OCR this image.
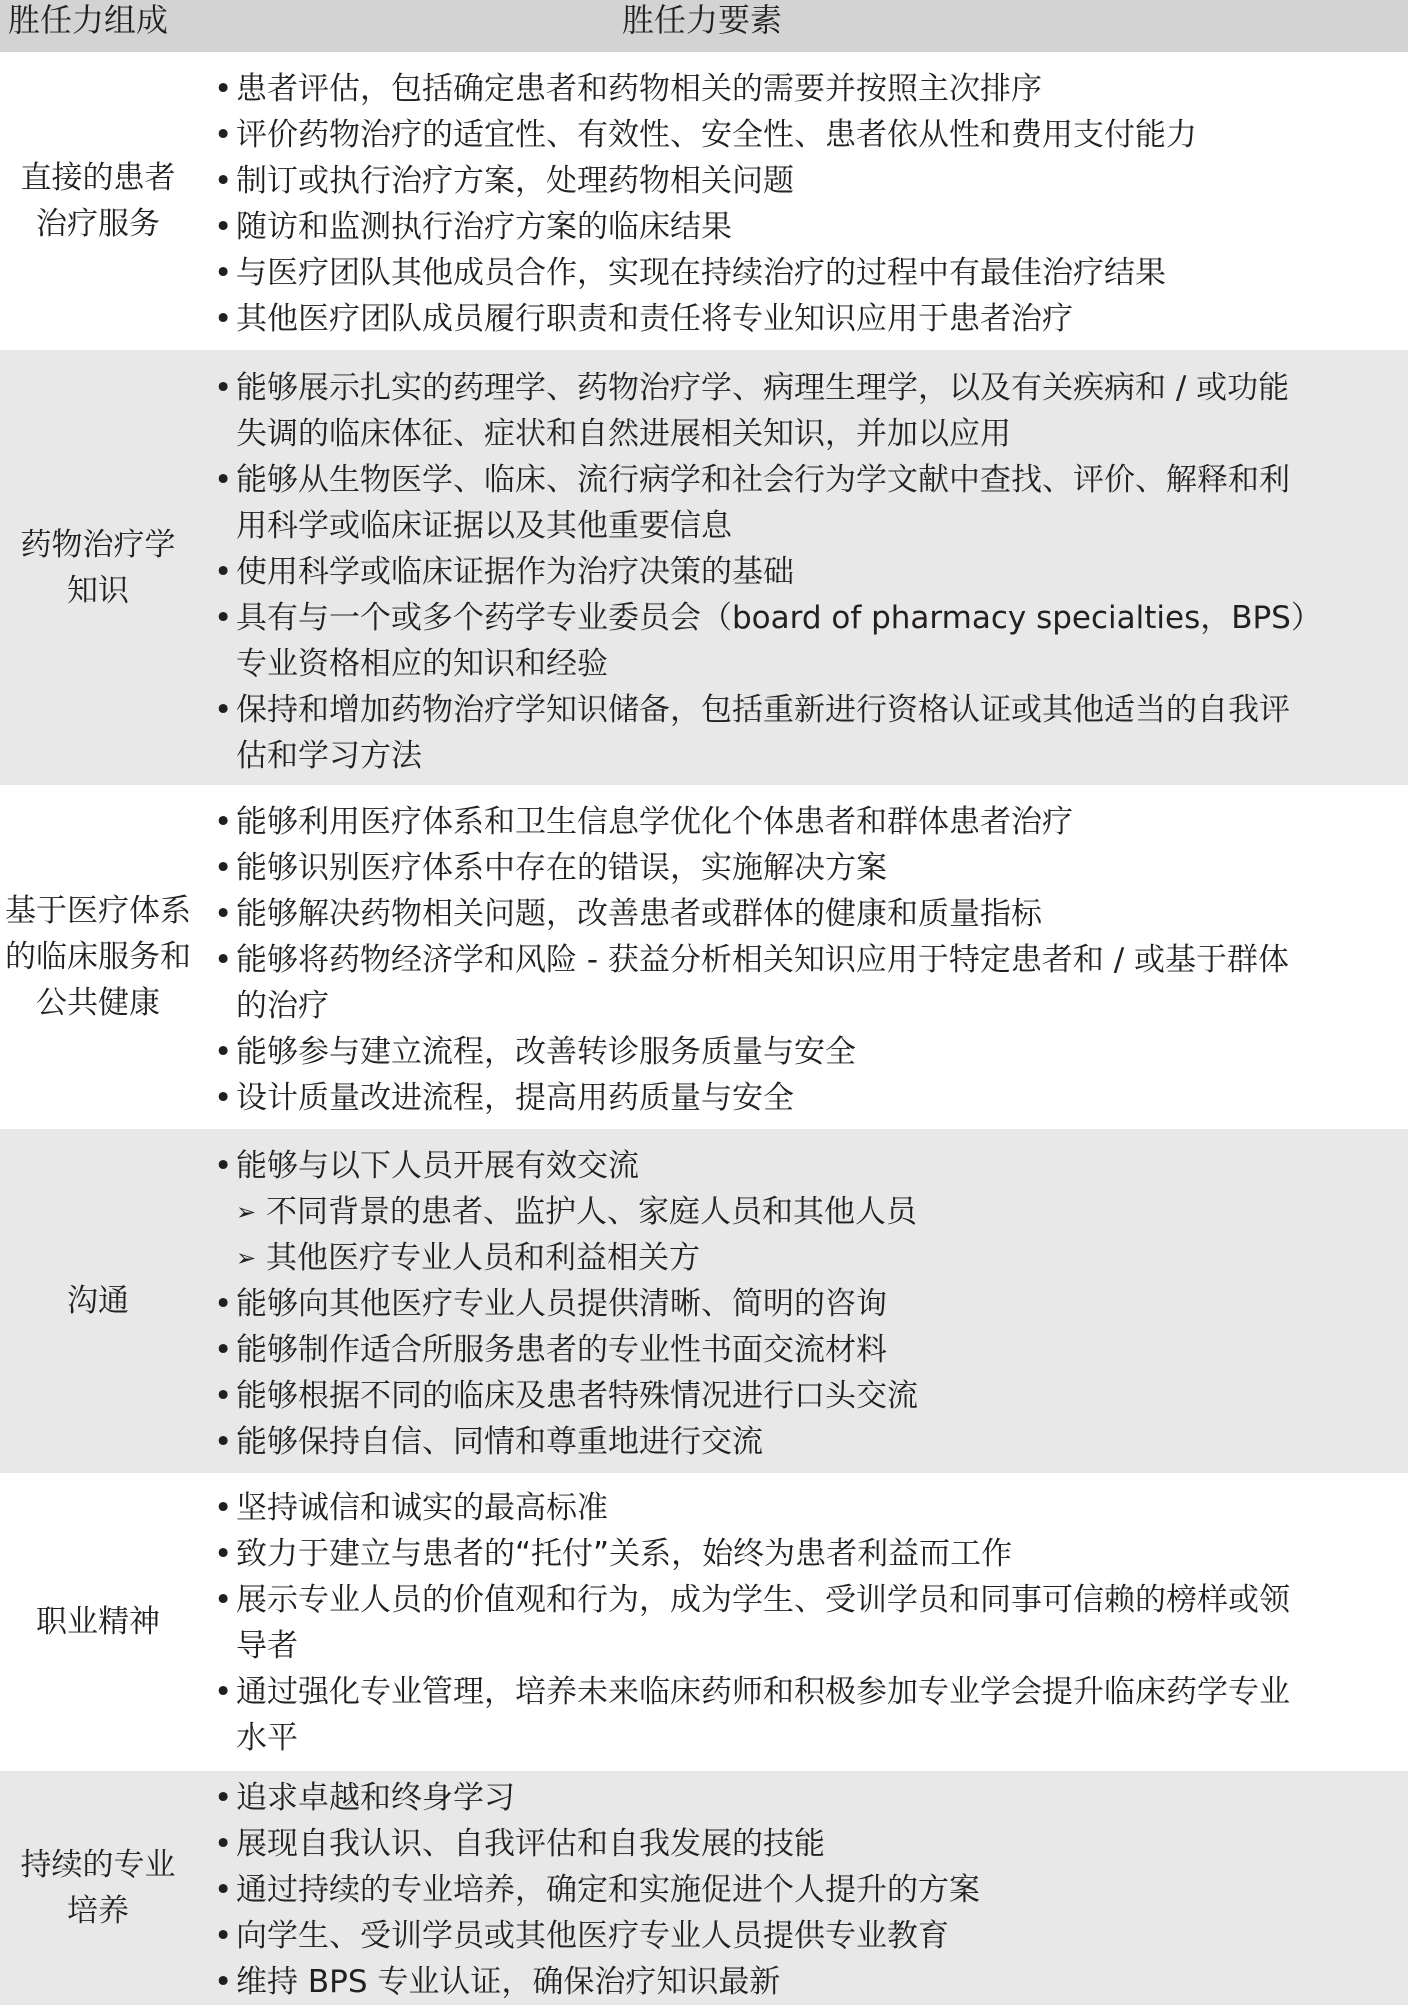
胜任力组成	胜任力要素
直接的患者
治疗服务
• 患者评估，包括确定患者和药物相关的需要并按照主次排序
• 评价药物治疗的适宜性、有效性、安全性、患者依从性和费用支付能力
• 制订或执行治疗方案，处理药物相关问题
• 随访和监测执行治疗方案的临床结果
• 与医疗团队其他成员合作，实现在持续治疗的过程中有最佳治疗结果
• 其他医疗团队成员履行职责和责任将专业知识应用于患者治疗
药物治疗学
知识
• 能够展示扎实的药理学、药物治疗学、病理生理学，以及有关疾病和 / 或功能
失调的临床体征、症状和自然进展相关知识，并加以应用
• 能够从生物医学、临床、流行病学和社会行为学文献中查找、评价、解释和利
用科学或临床证据以及其他重要信息
• 使用科学或临床证据作为治疗决策的基础
• 具有与一个或多个药学专业委员会（board of pharmacy specialties，BPS）
专业资格相应的知识和经验
• 保持和增加药物治疗学知识储备，包括重新进行资格认证或其他适当的自我评
估和学习方法
基于医疗体系
的临床服务和
公共健康
• 能够利用医疗体系和卫生信息学优化个体患者和群体患者治疗
• 能够识别医疗体系中存在的错误，实施解决方案
• 能够解决药物相关问题，改善患者或群体的健康和质量指标
• 能够将药物经济学和风险 - 获益分析相关知识应用于特定患者和 / 或基于群体
的治疗
• 能够参与建立流程，改善转诊服务质量与安全
• 设计质量改进流程，提高用药质量与安全
沟通
• 能够与以下人员开展有效交流
➢ 不同背景的患者、监护人、家庭人员和其他人员
➢ 其他医疗专业人员和利益相关方
• 能够向其他医疗专业人员提供清晰、简明的咨询
• 能够制作适合所服务患者的专业性书面交流材料
• 能够根据不同的临床及患者特殊情况进行口头交流
• 能够保持自信、同情和尊重地进行交流
职业精神
• 坚持诚信和诚实的最高标准
• 致力于建立与患者的“托付”关系，始终为患者利益而工作
• 展示专业人员的价值观和行为，成为学生、受训学员和同事可信赖的榜样或领
导者
• 通过强化专业管理，培养未来临床药师和积极参加专业学会提升临床药学专业
水平
持续的专业
培养
• 追求卓越和终身学习
• 展现自我认识、自我评估和自我发展的技能
• 通过持续的专业培养，确定和实施促进个人提升的方案
• 向学生、受训学员或其他医疗专业人员提供专业教育
• 维持 BPS 专业认证，确保治疗知识最新
